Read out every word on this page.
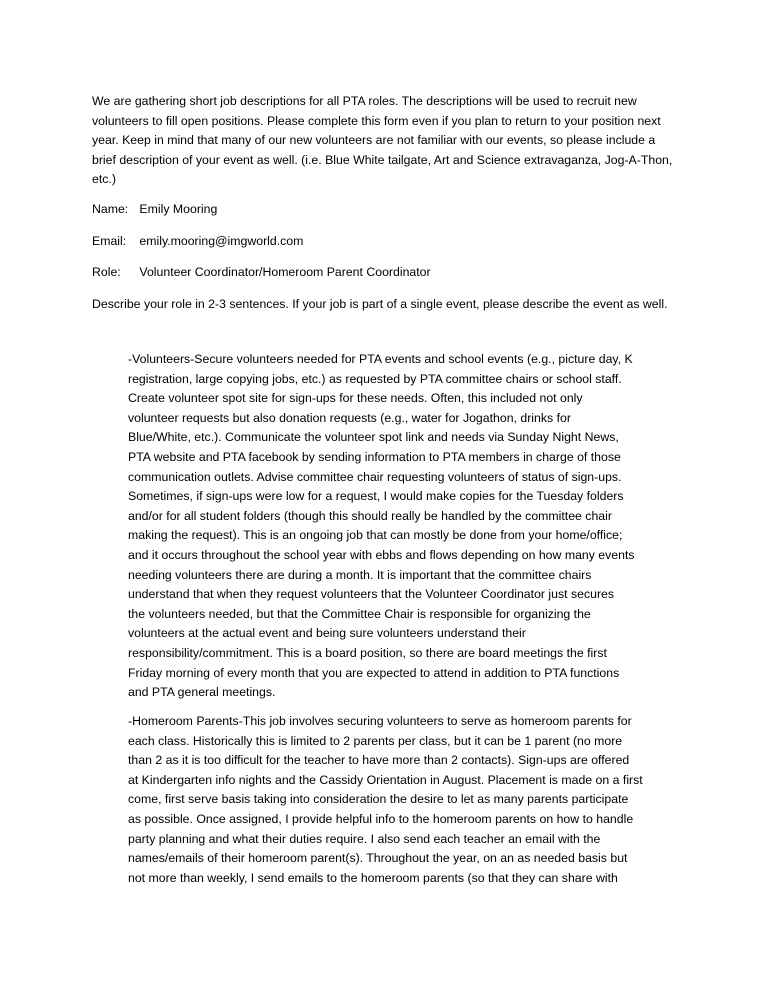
We are gathering short job descriptions for all PTA roles. The descriptions will be used to recruit new volunteers to fill open positions. Please complete this form even if you plan to return to your position next year. Keep in mind that many of our new volunteers are not familiar with our events, so please include a brief description of your event as well. (i.e. Blue White tailgate, Art and Science extravaganza, Jog-A-Thon, etc.)

Name: Emily Mooring

Email: emily.mooring@imgworld.com

Role: Volunteer Coordinator/Homeroom Parent Coordinator

Describe your role in 2-3 sentences. If your job is part of a single event, please describe the event as well.

-Volunteers-Secure volunteers needed for PTA events and school events (e.g., picture day, K
registration, large copying jobs, etc.) as requested by PTA committee chairs or school staff.
Create volunteer spot site for sign-ups for these needs. Often, this included not only
volunteer requests but also donation requests (e.g., water for Jogathon, drinks for
Blue/White, etc.). Communicate the volunteer spot link and needs via Sunday Night News,
PTA website and PTA facebook by sending information to PTA members in charge of those
communication outlets. Advise committee chair requesting volunteers of status of sign-ups.
Sometimes, if sign-ups were low for a request, I would make copies for the Tuesday folders
and/or for all student folders (though this should really be handled by the committee chair
making the request). This is an ongoing job that can mostly be done from your home/office;
and it occurs throughout the school year with ebbs and flows depending on how many events
needing volunteers there are during a month. It is important that the committee chairs
understand that when they request volunteers that the Volunteer Coordinator just secures
the volunteers needed, but that the Committee Chair is responsible for organizing the
volunteers at the actual event and being sure volunteers understand their
responsibility/commitment. This is a board position, so there are board meetings the first
Friday morning of every month that you are expected to attend in addition to PTA functions
and PTA general meetings.
-Homeroom Parents-This job involves securing volunteers to serve as homeroom parents for
each class. Historically this is limited to 2 parents per class, but it can be 1 parent (no more
than 2 as it is too difficult for the teacher to have more than 2 contacts). Sign-ups are offered
at Kindergarten info nights and the Cassidy Orientation in August. Placement is made on a first
come, first serve basis taking into consideration the desire to let as many parents participate
as possible. Once assigned, I provide helpful info to the homeroom parents on how to handle
party planning and what their duties require. I also send each teacher an email with the
names/emails of their homeroom parent(s). Throughout the year, on an as needed basis but
not more than weekly, I send emails to the homeroom parents (so that they can share with
